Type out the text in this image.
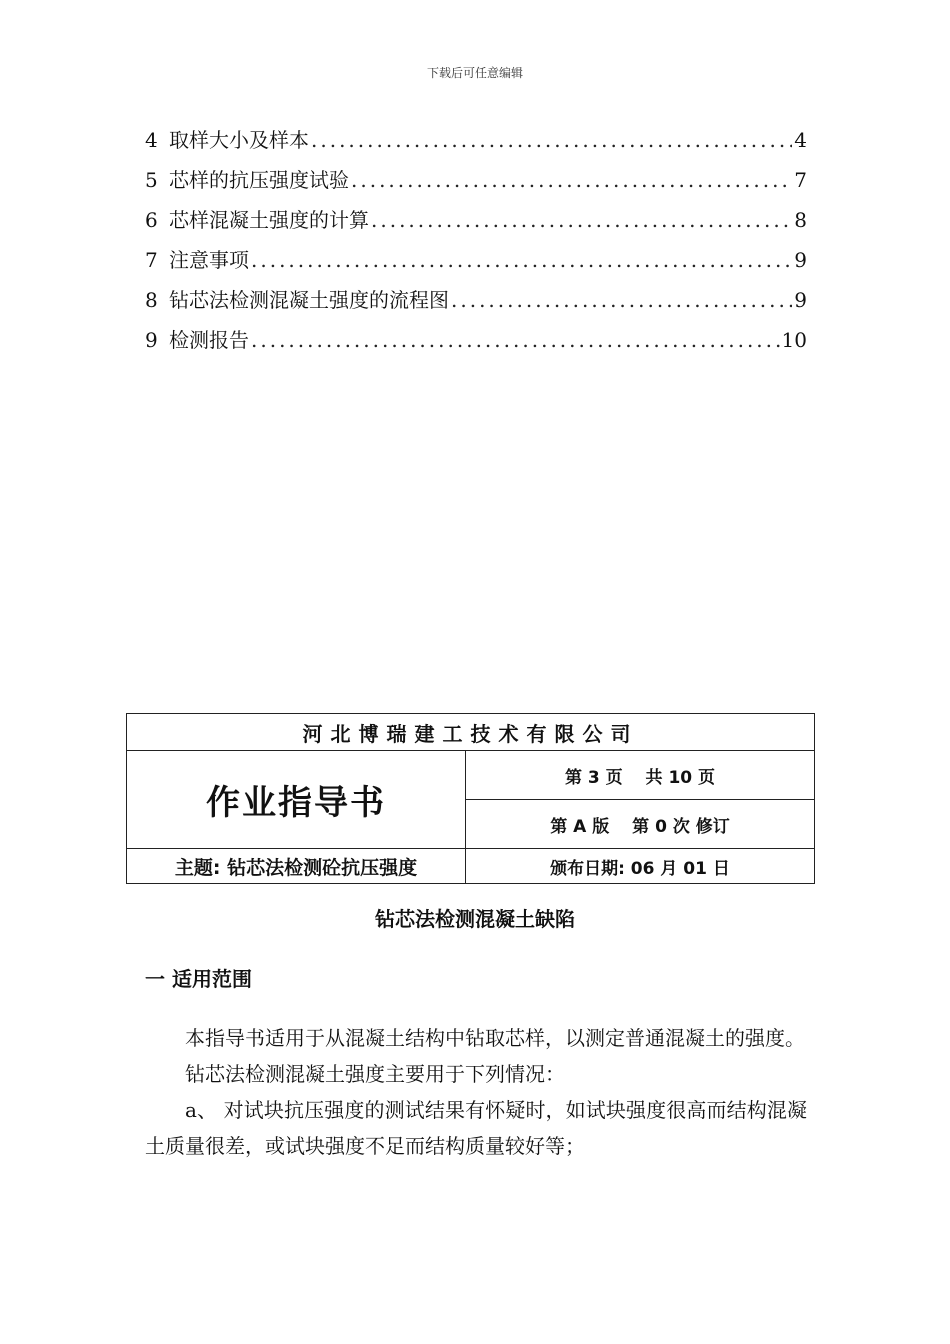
下载后可任意编辑
4 取样大小及样本 .....	4
5 芯样的抗压强度试验 .....	7
6 芯样混凝土强度的计算 .....	8
7 注意事项 .....	9
8 钻芯法检测混凝土强度的流程图 .....	9
9 检测报告 .....	10
河北博瑞建工技术有限公司	
作业指导书	第 3 页　 共 10 页
	第 A 版　 第 0 次 修订
主题: 钻芯法检测砼抗压强度	颁布日期: 06 月 01 日
钻芯法检测混凝土缺陷
一 适用范围

本指导书适用于从混凝土结构中钻取芯样，以测定普通混凝土的强度。

钻芯法检测混凝土强度主要用于下列情况：

a、 对试块抗压强度的测试结果有怀疑时，如试块强度很高而结构混凝土质量很差，或试块强度不足而结构质量较好等；
